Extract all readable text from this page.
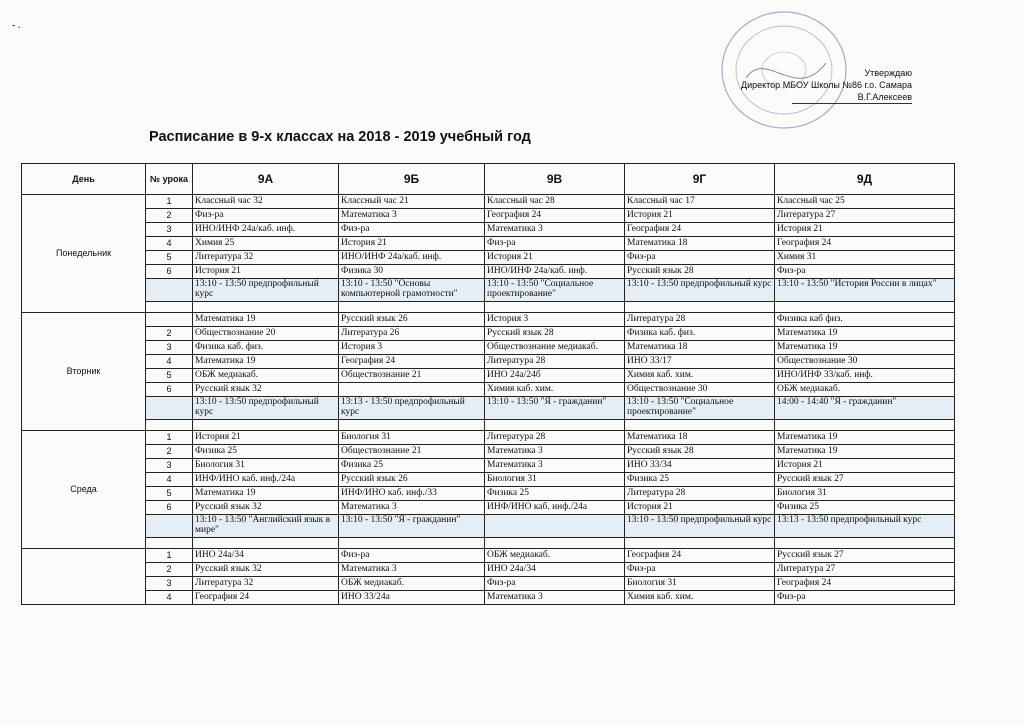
- .
Утверждаю
Директор МБОУ Школы №86 г.о. Самара
В.Г.Алексеев
Расписание в 9-х классах на 2018 - 2019 учебный год
День	№ урока	9А	9Б	9В	9Г	9Д
Понедельник	1	Классный час 32	Классный час 21	Классный час 28	Классный час 17	Классный час 25
	2	Физ-ра	Математика 3	География 24	История 21	Литература 27
	3	ИНО/ИНФ 24а/каб. инф.	Физ-ра	Математика 3	География 24	История 21
	4	Химия 25	История 21	Физ-ра	Математика 18	География 24
	5	Литература 32	ИНО/ИНФ 24а/каб. инф.	История 21	Физ-ра	Химия 31
	6	История 21	Физика 30	ИНО/ИНФ 24а/каб. инф.	Русский язык 28	Физ-ра
		13:10 - 13:50 предпрофильный курс	13:10 - 13:50 "Основы компьютерной грамотности"	13:10 - 13:50 "Социальное проектирование"	13:10 - 13:50 предпрофильный курс	13:10 - 13:50 "История России в лицах"

Вторник		Математика 19	Русский язык 26	История 3	Литература 28	Физика каб физ.
	2	Обществознание 20	Литература 26	Русский язык 28	Физика каб. физ.	Математика 19
	3	Физика каб. физ.	История 3	Обществознание медиакаб.	Математика 18	Математика 19
	4	Математика 19	География 24	Литература 28	ИНО 33/17	Обществознание 30
	5	ОБЖ медиакаб.	Обществознание 21	ИНО 24а/24б	Химия каб. хим.	ИНО/ИНФ 33/каб. инф.
	6	Русский язык 32		Химия каб. хим.	Обществознание 30	ОБЖ медиакаб.
		13:10 - 13:50 предпрофильный курс	13:13 - 13:50 предпрофильный курс	13:10 - 13:50 "Я - гражданин"	13:10 - 13:50 "Социальное проектирование"	14:00 - 14:40 "Я - гражданин"

Среда	1	История 21	Биология 31	Литература 28	Математика 18	Математика 19
	2	Физика 25	Обществознание 21	Математика 3	Русский язык 28	Математика 19
	3	Биология 31	Физика 25	Математика 3	ИНО 33/34	История 21
	4	ИНФ/ИНО каб. инф./24а	Русский язык 26	Биология 31	Физика 25	Русский язык 27
	5	Математика 19	ИНФ/ИНО каб. инф./33	Физика 25	Литература 28	Биология 31
	6	Русский язык 32	Математика 3	ИНФ/ИНО каб. инф./24а	История 21	Физика 25
		13:10 - 13:50 "Английский язык в мире"	13:10 - 13:50 "Я - гражданин"		13:10 - 13:50 предпрофильный курс	13:13 - 13:50 предпрофильный курс

	1	ИНО 24а/34	Физ-ра	ОБЖ медиакаб.	География 24	Русский язык 27
	2	Русский язык 32	Математика 3	ИНО 24а/34	Физ-ра	Литература 27
	3	Литература 32	ОБЖ медиакаб.	Физ-ра	Биология 31	География 24
	4	География 24	ИНО 33/24а	Математика 3	Химия каб. хим.	Физ-ра
